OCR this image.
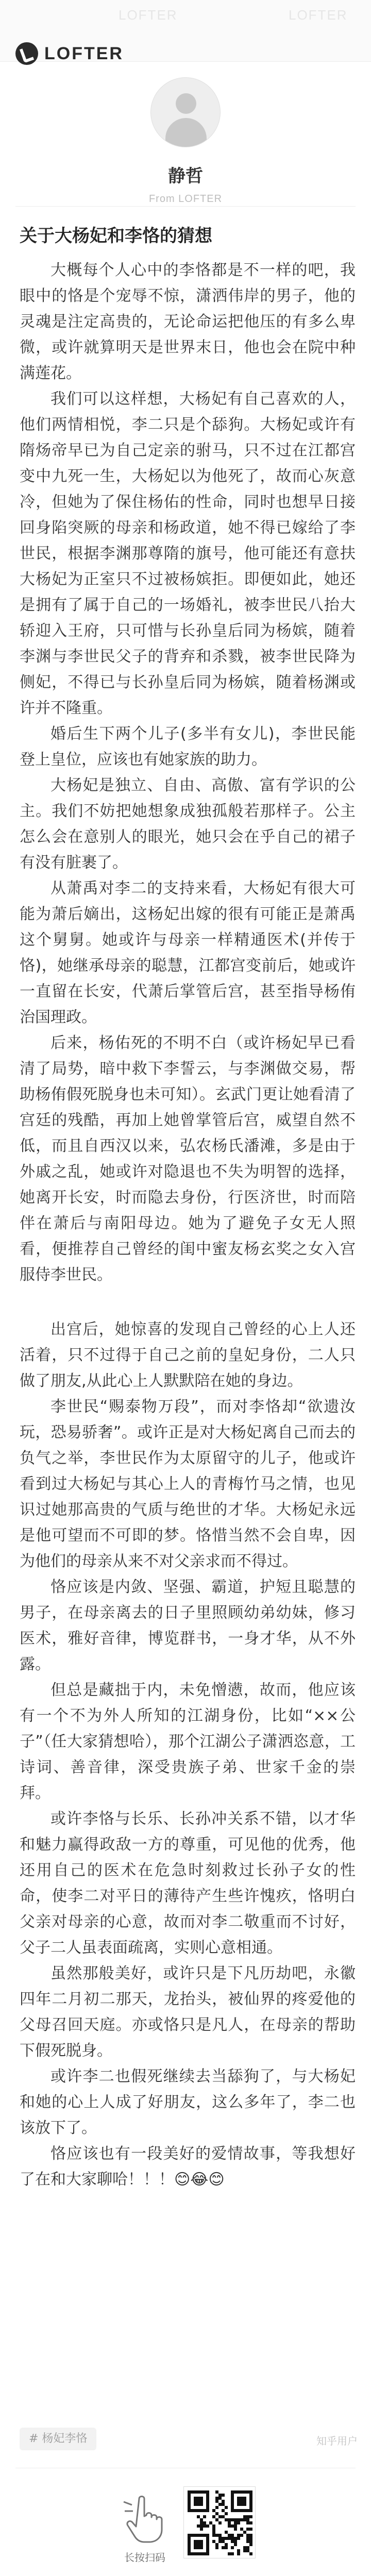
LOFTER	LOFTER
LOFTER
静哲
From LOFTER
关于大杨妃和李恪的猜想

大概每个人心中的李恪都是不一样的吧，我眼中的恪是个宠辱不惊，潇洒伟岸的男子，他的灵魂是注定高贵的，无论命运把他压的有多么卑微，或许就算明天是世界末日，他也会在院中种满莲花。

我们可以这样想，大杨妃有自己喜欢的人，他们两情相悦，李二只是个舔狗。大杨妃或许有隋炀帝早已为自己定亲的驸马，只不过在江都宫变中九死一生，大杨妃以为他死了，故而心灰意冷，但她为了保住杨佑的性命，同时也想早日接回身陷突厥的母亲和杨政道，她不得已嫁给了李世民，根据李渊那尊隋的旗号，他可能还有意扶大杨妃为正室只不过被杨嫔拒。即便如此，她还是拥有了属于自己的一场婚礼，被李世民八抬大轿迎入王府，只可惜与长孙皇后同为杨嫔，随着李渊与李世民父子的背弃和杀戮，被李世民降为侧妃，不得已与长孙皇后同为杨嫔，随着杨渊或许并不隆重。

婚后生下两个儿子(多半有女儿)，李世民能登上皇位，应该也有她家族的助力。

大杨妃是独立、自由、高傲、富有学识的公主。我们不妨把她想象成独孤般若那样子。公主怎么会在意别人的眼光，她只会在乎自己的裙子有没有脏裹了。

从萧禹对李二的支持来看，大杨妃有很大可能为萧后嫡出，这杨妃出嫁的很有可能正是萧禹这个舅舅。她或许与母亲一样精通医术(并传于恪)，她继承母亲的聪慧，江都宫变前后，她或许一直留在长安，代萧后掌管后宫，甚至指导杨侑治国理政。

后来，杨佑死的不明不白（或许杨妃早已看清了局势，暗中救下李誓云，与李渊做交易，帮助杨侑假死脱身也未可知）。玄武门更让她看清了宫廷的残酷，再加上她曾掌管后宫，威望自然不低，而且自西汉以来，弘农杨氏潘滩，多是由于外戚之乱，她或许对隐退也不失为明智的选择，她离开长安，时而隐去身份，行医济世，时而陪伴在萧后与南阳母边。她为了避免子女无人照看，便推荐自己曾经的闺中蜜友杨玄奖之女入宫服侍李世民。

出宫后，她惊喜的发现自己曾经的心上人还活着，只不过得于自己之前的皇妃身份，二人只做了朋友,从此心上人默默陪在她的身边。

李世民“赐泰物万段”，而对李恪却“欲遗汝玩，恐易骄奢”。或许正是对大杨妃离自己而去的负气之举，李世民作为太原留守的儿子，他或许看到过大杨妃与其心上人的青梅竹马之情，也见识过她那高贵的气质与绝世的才华。大杨妃永远是他可望而不可即的梦。恪惜当然不会自卑，因为他们的母亲从来不对父亲求而不得过。

恪应该是内敛、坚强、霸道，护短且聪慧的男子，在母亲离去的日子里照顾幼弟幼妹，修习医术，雅好音律，博览群书，一身才华，从不外露。

但总是藏拙于内，未免憎懑，故而，他应该有一个不为外人所知的江湖身份，比如“××公子”（任大家猜想哈），那个江湖公子潇洒恣意，工诗词、善音律，深受贵族子弟、世家千金的崇拜。

或许李恪与长乐、长孙冲关系不错，以才华和魅力赢得政敌一方的尊重，可见他的优秀，他还用自己的医术在危急时刻救过长孙子女的性命，使李二对平日的薄待产生些许愧疚，恪明白父亲对母亲的心意，故而对李二敬重而不讨好，父子二人虽表面疏离，实则心意相通。

虽然那般美好，或许只是下凡历劫吧，永徽四年二月初二那天，龙抬头，被仙界的疼爱他的父母召回天庭。亦或恪只是凡人，在母亲的帮助下假死脱身。

或许李二也假死继续去当舔狗了，与大杨妃和她的心上人成了好朋友，这么多年了，李二也该放下了。

恪应该也有一段美好的爱情故事，等我想好了在和大家聊哈！！！😊😂😊

# 杨妃李恪	知乎用户
长按扫码
